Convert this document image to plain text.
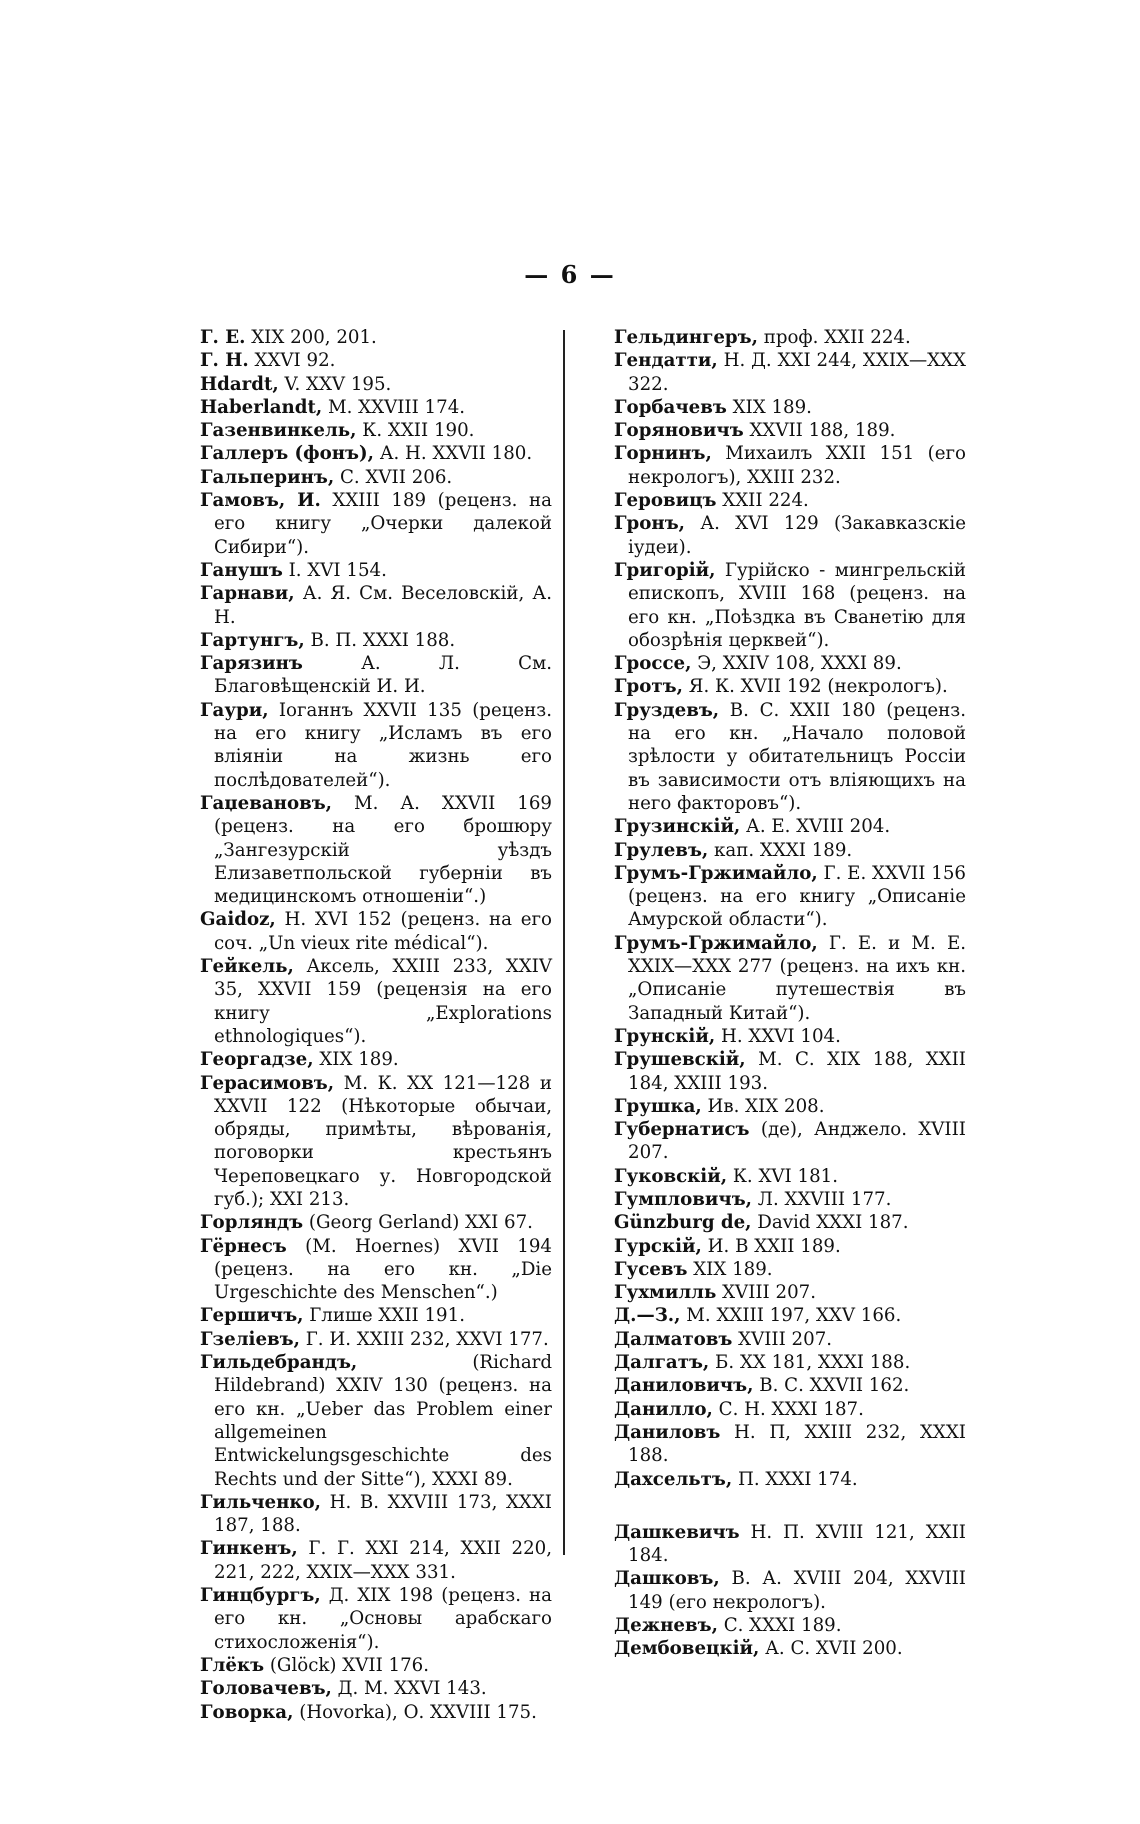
— 6 —

Г. Е. XIX 200, 201.

Г. Н. XXVI 92.

Hdardt, V. XXV 195.

Haberlandt, M. XXVIII 174.

Газенвинкель, К. XXII 190.

Галлеръ (фонъ), А. Н. XXVII 180.

Гальперинъ, С. XVII 206.

Гамовъ, И. XXIII 189 (реценз. на его книгу „Очерки далекой Сибири“).

Ганушъ I. XVI 154.

Гарнави, А. Я. См. Веселовскій, А. Н.

Гартунгъ, В. П. XXXI 188.

Гарязинъ А. Л. См. Благовѣщенскій И. И.

Гаури, Іоганнъ XXVII 135 (реценз. на его книгу „Исламъ въ его вліяніи на жизнь его послѣдователей“).

Гаџевановъ, М. А. XXVII 169 (реценз. на его брошюру „Зангезурскій уѣздъ Елизаветпольской губерніи въ медицинскомъ отношеніи“.)

Gaidoz, H. XVI 152 (реценз. на его соч. „Un vieux rite médical“).

Гейкель, Аксель, XXIII 233, XXIV 35, XXVII 159 (рецензія на его книгу „Explorations ethnologiques“).

Георгадзе, XIX 189.

Герасимовъ, М. К. XX 121—128 и XXVII 122 (Нѣкоторые обычаи, обряды, примѣты, вѣрованія, поговорки крестьянъ Череповецкаго у. Новгородской губ.); XXI 213.

Горляндъ (Georg Gerland) XXI 67.

Гёрнесъ (M. Hoernes) XVII 194 (реценз. на его кн. „Die Urgeschichte des Menschen“.)

Гершичъ, Глише XXII 191.

Гзеліевъ, Г. И. XXIII 232, XXVI 177.

Гильдебрандъ, (Richard Hildebrand) XXIV 130 (реценз. на его кн. „Ueber das Problem einer allgemeinen Entwickelungsgeschichte des Rechts und der Sitte“), XXXI 89.

Гильченко, Н. В. XXVIII 173, XXXI 187, 188.

Гинкенъ, Г. Г. XXI 214, XXII 220, 221, 222, XXIX—XXX 331.

Гинцбургъ, Д. XIX 198 (реценз. на его кн. „Основы арабскаго стихосложенія“).

Глёкъ (Glöck) XVII 176.

Головачевъ, Д. М. XXVI 143.

Говорка, (Hovorka), О. XXVIII 175.

Гельдингеръ, проф. XXII 224.

Гендатти, Н. Д. XXI 244, XXIX—XXX 322.

Горбачевъ XIX 189.

Горяновичъ XXVII 188, 189.

Горнинъ, Михаилъ XXII 151 (его некрологъ), XXIII 232.

Геровицъ XXII 224.

Гронъ, А. XVI 129 (Закавказскіе іудеи).

Григорій, Гурійско - мингрельскій епископъ, XVIII 168 (реценз. на его кн. „Поѣздка въ Сванетію для обозрѣнія церквей“).

Гроссе, Э, XXIV 108, XXXI 89.

Гротъ, Я. К. XVII 192 (некрологъ).

Груздевъ, В. С. XXII 180 (реценз. на его кн. „Начало половой зрѣлости у обитательницъ Россіи въ зависимости отъ вліяющихъ на него факторовъ“).

Грузинскій, А. Е. XVIII 204.

Грулевъ, кап. XXXI 189.

Грумъ-Гржимайло, Г. Е. XXVII 156 (реценз. на его книгу „Описаніе Амурской области“).

Грумъ-Гржимайло, Г. Е. и М. Е. XXIX—XXX 277 (реценз. на ихъ кн. „Описаніе путешествія въ Западный Китай“).

Грунскій, Н. XXVI 104.

Грушевскій, М. С. XIX 188, XXII 184, XXIII 193.

Грушка, Ив. XIX 208.

Губернатисъ (де), Анджело. XVIII 207.

Гуковскій, К. XVI 181.

Гумпловичъ, Л. XXVIII 177.

Günzburg de, David XXXI 187.

Гурскій, И. В XXII 189.

Гусевъ XIX 189.

Гухмилль XVIII 207.

Д.—З., М. XXIII 197, XXV 166.

Далматовъ XVIII 207.

Далгатъ, Б. XX 181, XXXI 188.

Даниловичъ, В. С. XXVII 162.

Данилло, С. Н. XXXI 187.

Даниловъ Н. П, XXIII 232, XXXI 188.

Дахсельтъ, П. XXXI 174.

Дашкевичъ Н. П. XVIII 121, XXII 184.

Дашковъ, В. А. XVIII 204, XXVIII 149 (его некрологъ).

Дежневъ, С. XXXI 189.

Дембовецкій, А. С. XVII 200.
